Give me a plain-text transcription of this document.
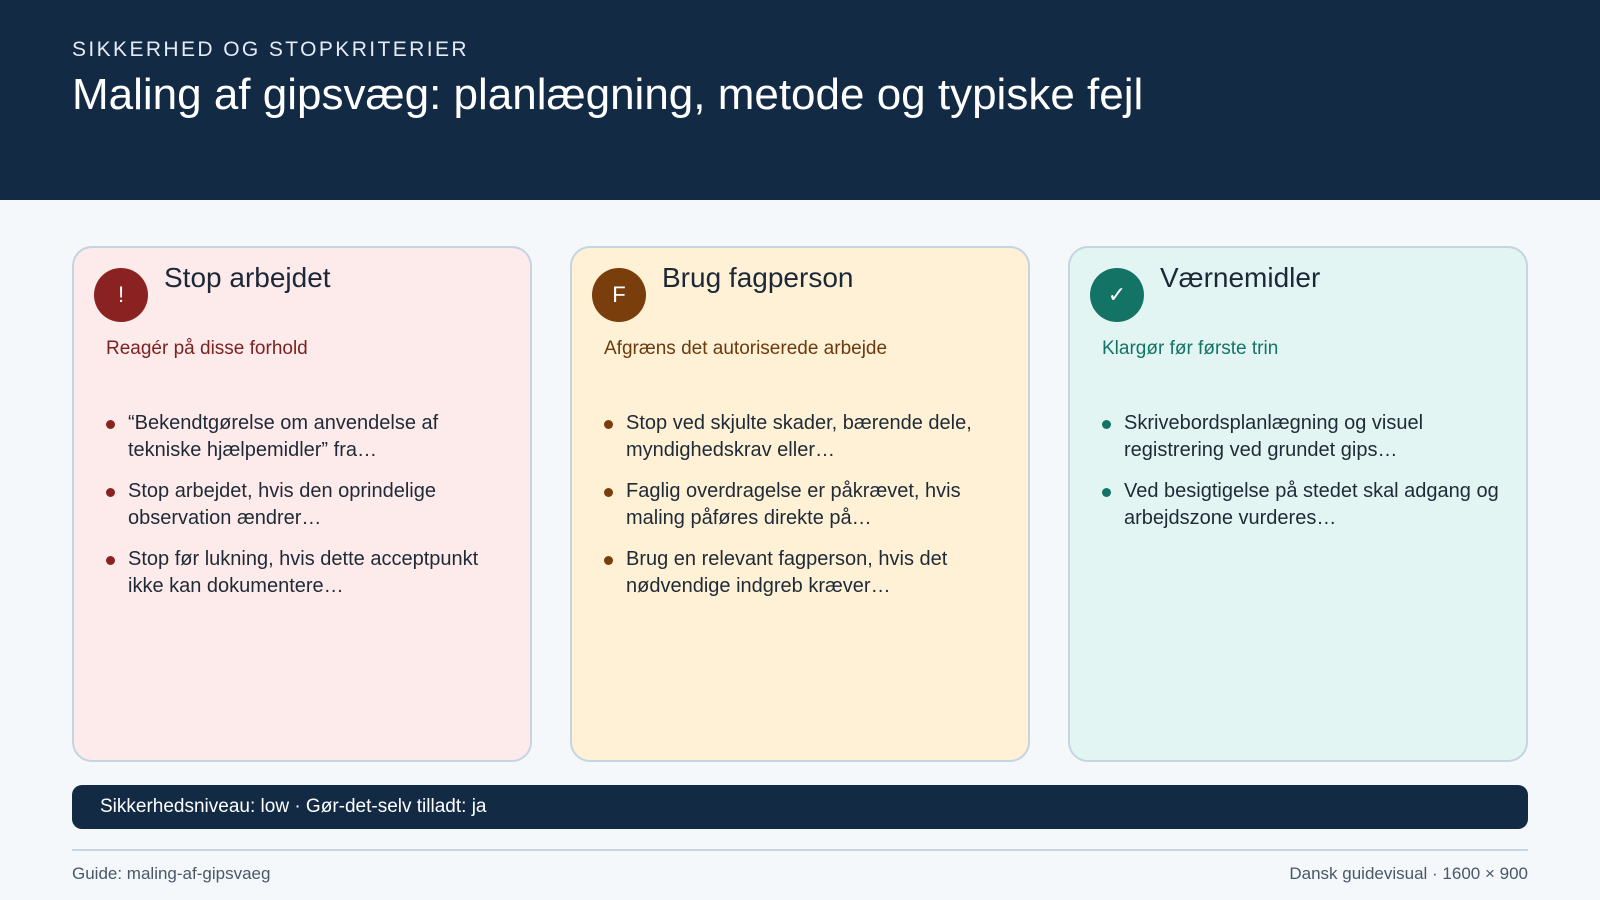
SIKKERHED OG STOPKRITERIER
Maling af gipsvæg: planlægning, metode og typiske fejl
!
Stop arbejdet
Reagér på disse forhold
“Bekendtgørelse om anvendelse af tekniske hjælpemidler” fra…
Stop arbejdet, hvis den oprindelige observation ændrer…
Stop før lukning, hvis dette acceptpunkt ikke kan dokumentere…
F
Brug fagperson
Afgræns det autoriserede arbejde
Stop ved skjulte skader, bærende dele, myndighedskrav eller…
Faglig overdragelse er påkrævet, hvis maling påføres direkte på…
Brug en relevant fagperson, hvis det nødvendige indgreb kræver…
✓
Værnemidler
Klargør før første trin
Skrivebordsplanlægning og visuel registrering ved grundet gips…
Ved besigtigelse på stedet skal adgang og arbejdszone vurderes…
Sikkerhedsniveau: low · Gør-det-selv tilladt: ja
Guide: maling-af-gipsvaeg	Dansk guidevisual · 1600 × 900
